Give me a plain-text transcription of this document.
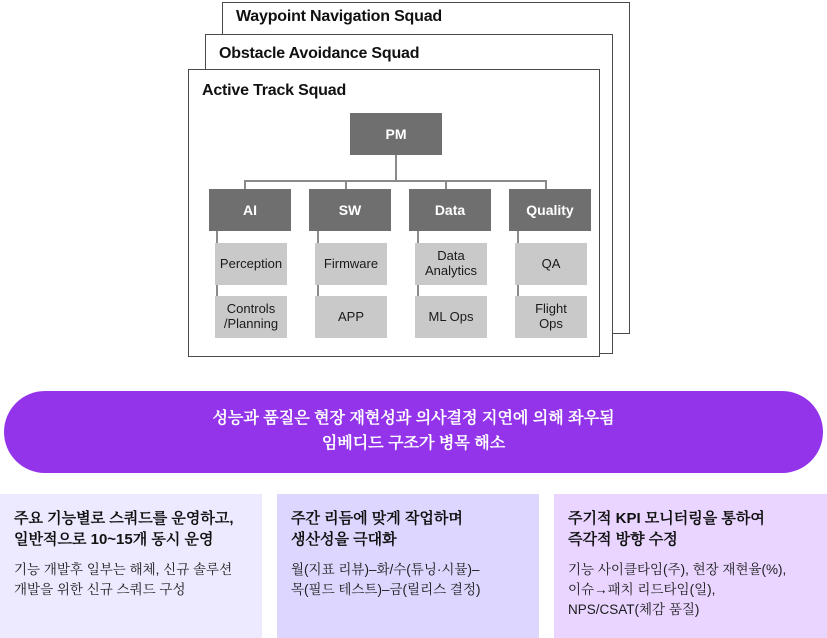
Waypoint Navigation Squad
Obstacle Avoidance Squad
Active Track Squad
PM
AI	SW	Data	Quality
Perception
Controls
/Planning
Firmware
APP
Data
Analytics
ML Ops
QA
Flight
Ops
성능과 품질은 현장 재현성과 의사결정 지연에 의해 좌우됨
임베디드 구조가 병목 해소
주요 기능별로 스쿼드를 운영하고,
일반적으로 10~15개 동시 운영
기능 개발후 일부는 해체, 신규 솔루션
개발을 위한 신규 스쿼드 구성
주간 리듬에 맞게 작업하며
생산성을 극대화
월(지표 리뷰)–화/수(튜닝·시뮬)–
목(필드 테스트)–금(릴리스 결정)
주기적 KPI 모니터링을 통하여
즉각적 방향 수정
기능 사이클타임(주), 현장 재현율(%),
이슈→패치 리드타임(일),
NPS/CSAT(체감 품질)
